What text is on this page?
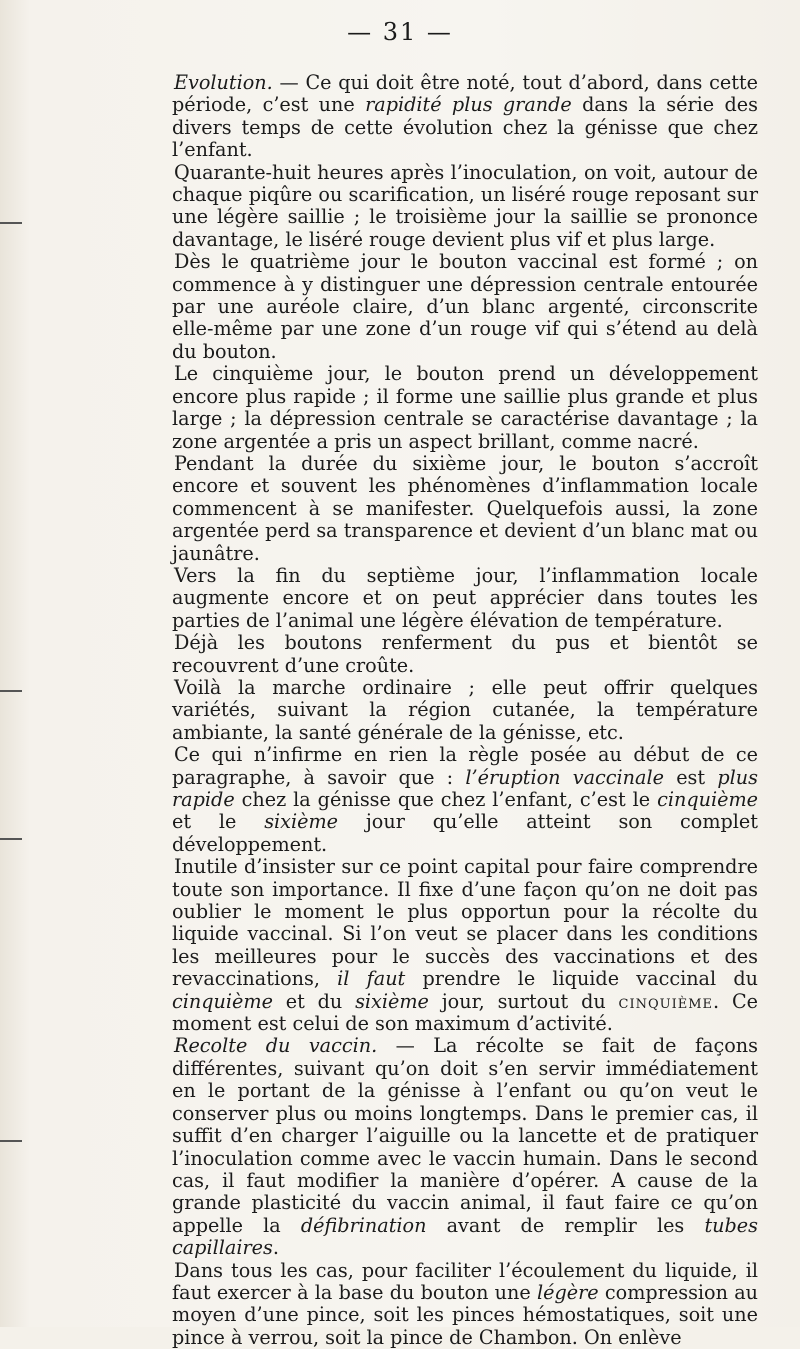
— 31 —

Evolution. — Ce qui doit être noté, tout d’abord, dans cette période, c’est une rapidité plus grande dans la série des divers temps de cette évolution chez la génisse que chez l’enfant.

Quarante-huit heures après l’inoculation, on voit, autour de chaque piqûre ou scarification, un liséré rouge reposant sur une légère saillie ; le troisième jour la saillie se prononce davantage, le liséré rouge devient plus vif et plus large.

Dès le quatrième jour le bouton vaccinal est formé ; on commence à y distinguer une dépression centrale entourée par une auréole claire, d’un blanc argenté, circonscrite elle-même par une zone d’un rouge vif qui s’étend au delà du bouton.

Le cinquième jour, le bouton prend un développement encore plus rapide ; il forme une saillie plus grande et plus large ; la dépression centrale se caractérise davantage ; la zone argentée a pris un aspect brillant, comme nacré.

Pendant la durée du sixième jour, le bouton s’accroît encore et souvent les phénomènes d’inflammation locale commencent à se manifester. Quelquefois aussi, la zone argentée perd sa transparence et devient d’un blanc mat ou jaunâtre.

Vers la fin du septième jour, l’inflammation locale augmente encore et on peut apprécier dans toutes les parties de l’animal une légère élévation de température.

Déjà les boutons renferment du pus et bientôt se recouvrent d’une croûte.

Voilà la marche ordinaire ; elle peut offrir quelques variétés, suivant la région cutanée, la température ambiante, la santé générale de la génisse, etc.

Ce qui n’infirme en rien la règle posée au début de ce paragraphe, à savoir que : l’éruption vaccinale est plus rapide chez la génisse que chez l’enfant, c’est le cinquième et le sixième jour qu’elle atteint son complet développement.

Inutile d’insister sur ce point capital pour faire comprendre toute son importance. Il fixe d’une façon qu’on ne doit pas oublier le moment le plus opportun pour la récolte du liquide vaccinal. Si l’on veut se placer dans les conditions les meilleures pour le succès des vaccinations et des revaccinations, il faut prendre le liquide vaccinal du cinquième et du sixième jour, surtout du cinquième. Ce moment est celui de son maximum d’activité.

Recolte du vaccin. — La récolte se fait de façons différentes, suivant qu’on doit s’en servir immédiatement en le portant de la génisse à l’enfant ou qu’on veut le conserver plus ou moins longtemps. Dans le premier cas, il suffit d’en charger l’aiguille ou la lancette et de pratiquer l’inoculation comme avec le vaccin humain. Dans le second cas, il faut modifier la manière d’opérer. A cause de la grande plasticité du vaccin animal, il faut faire ce qu’on appelle la défibrination avant de remplir les tubes capillaires.

Dans tous les cas, pour faciliter l’écoulement du liquide, il faut exercer à la base du bouton une légère compression au moyen d’une pince, soit les pinces hémostatiques, soit une pince à verrou, soit la pince de Chambon. On enlève
